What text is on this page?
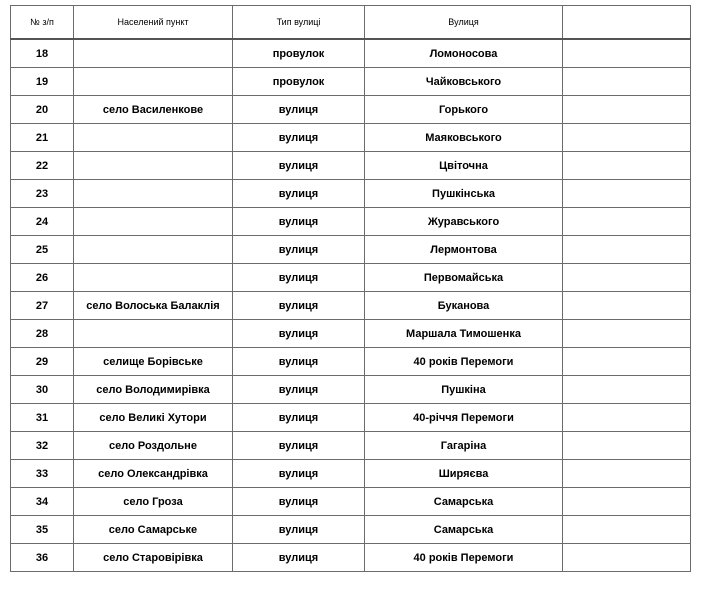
№ з/п	Населений пункт	Тип вулиці	Вулиця	
18		провулок	Ломоносова	
19		провулок	Чайковського	
20	село Василенкове	вулиця	Горького	
21		вулиця	Маяковського	
22		вулиця	Цвіточна	
23		вулиця	Пушкінська	
24		вулиця	Журавського	
25		вулиця	Лермонтова	
26		вулиця	Первомайська	
27	село Волоська Балаклія	вулиця	Буканова	
28		вулиця	Маршала Тимошенка	
29	селище Борівське	вулиця	40 років Перемоги	
30	село Володимирівка	вулиця	Пушкіна	
31	село Великі Хутори	вулиця	40-річчя Перемоги	
32	село Роздольне	вулиця	Гагаріна	
33	село Олександрівка	вулиця	Ширяєва	
34	село Гроза	вулиця	Самарська	
35	село Самарське	вулиця	Самарська	
36	село Старовірівка	вулиця	40 років Перемоги	
